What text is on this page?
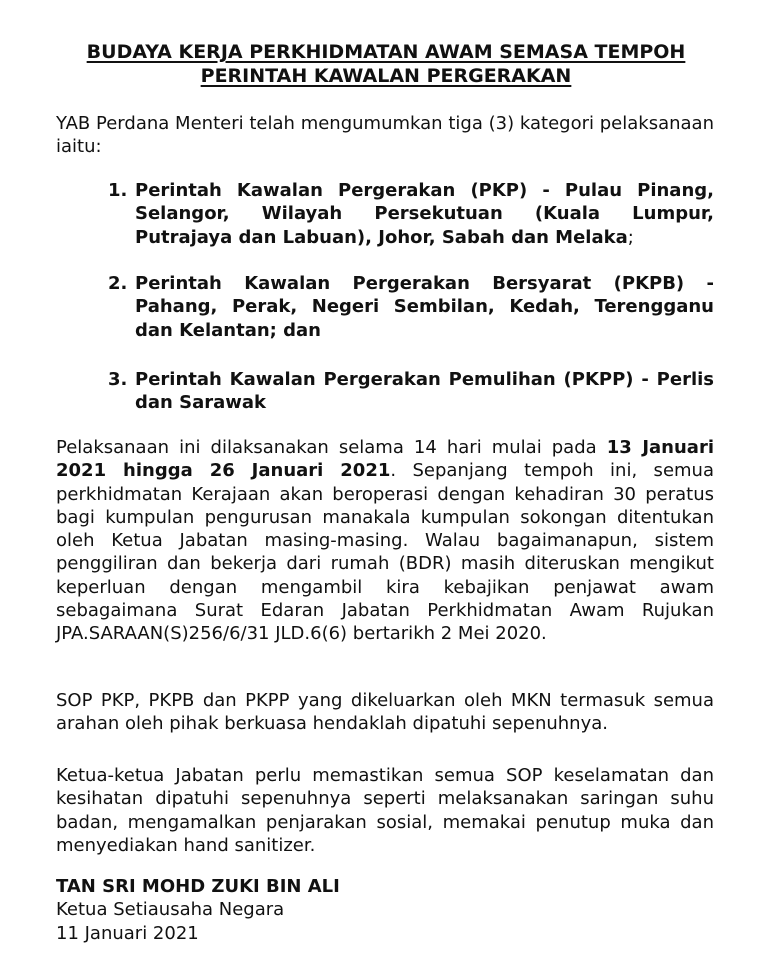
BUDAYA KERJA PERKHIDMATAN AWAM SEMASA TEMPOH
PERINTAH KAWALAN PERGERAKAN

YAB Perdana Menteri telah mengumumkan tiga (3) kategori pelaksanaan iaitu:

1. Perintah Kawalan Pergerakan (PKP) - Pulau Pinang, Selangor, Wilayah Persekutuan (Kuala Lumpur, Putrajaya dan Labuan), Johor, Sabah dan Melaka;
2. Perintah Kawalan Pergerakan Bersyarat (PKPB) - Pahang, Perak, Negeri Sembilan, Kedah, Terengganu dan Kelantan; dan
3. Perintah Kawalan Pergerakan Pemulihan (PKPP) - Perlis dan Sarawak

Pelaksanaan ini dilaksanakan selama 14 hari mulai pada 13 Januari 2021 hingga 26 Januari 2021. Sepanjang tempoh ini, semua perkhidmatan Kerajaan akan beroperasi dengan kehadiran 30 peratus bagi kumpulan pengurusan manakala kumpulan sokongan ditentukan oleh Ketua Jabatan masing-masing. Walau bagaimanapun, sistem penggiliran dan bekerja dari rumah (BDR) masih diteruskan mengikut keperluan dengan mengambil kira kebajikan penjawat awam sebagaimana Surat Edaran Jabatan Perkhidmatan Awam Rujukan JPA.SARAAN(S)256/6/31 JLD.6(6) bertarikh 2 Mei 2020.

SOP PKP, PKPB dan PKPP yang dikeluarkan oleh MKN termasuk semua arahan oleh pihak berkuasa hendaklah dipatuhi sepenuhnya.

Ketua-ketua Jabatan perlu memastikan semua SOP keselamatan dan kesihatan dipatuhi sepenuhnya seperti melaksanakan saringan suhu badan, mengamalkan penjarakan sosial, memakai penutup muka dan menyediakan hand sanitizer.

TAN SRI MOHD ZUKI BIN ALI
Ketua Setiausaha Negara
11 Januari 2021
